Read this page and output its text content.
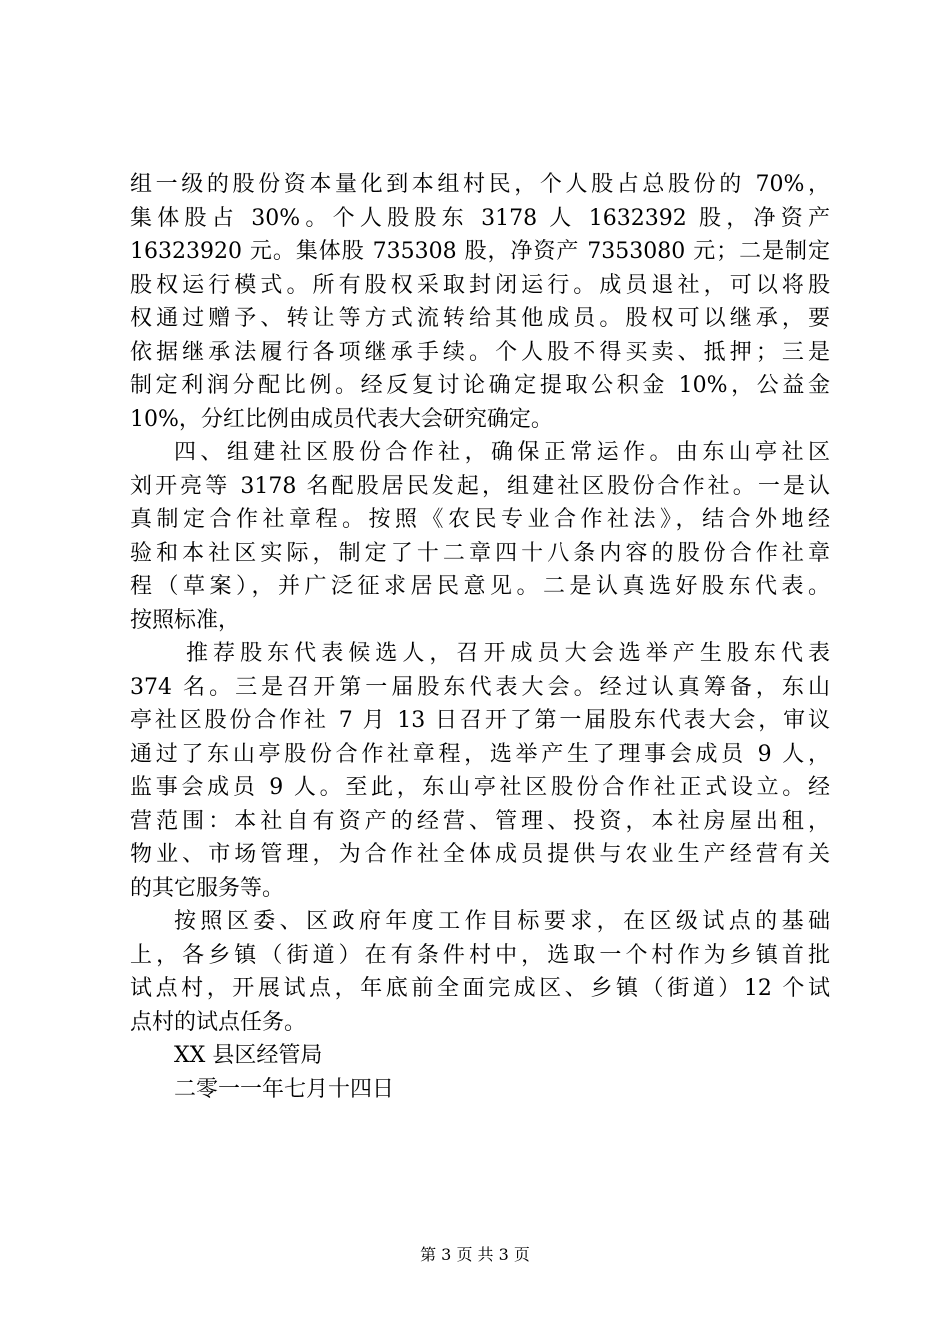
组一级的股份资本量化到本组村民，个人股占总股份的 70%，
集体股占 30%。个人股股东 3178 人 1632392 股，净资产
16323920 元。集体股 735308 股，净资产 7353080 元；二是制定
股权运行模式。所有股权采取封闭运行。成员退社，可以将股
权通过赠予、转让等方式流转给其他成员。股权可以继承，要
依据继承法履行各项继承手续。个人股不得买卖、抵押；三是
制定利润分配比例。经反复讨论确定提取公积金 10%，公益金
10%，分红比例由成员代表大会研究确定。
四、组建社区股份合作社，确保正常运作。由东山亭社区
刘开亮等 3178 名配股居民发起，组建社区股份合作社。一是认
真制定合作社章程。按照《农民专业合作社法》，结合外地经
验和本社区实际，制定了十二章四十八条内容的股份合作社章
程（草案），并广泛征求居民意见。二是认真选好股东代表。
按照标准，
推荐股东代表候选人，召开成员大会选举产生股东代表
374 名。三是召开第一届股东代表大会。经过认真筹备，东山
亭社区股份合作社 7 月 13 日召开了第一届股东代表大会，审议
通过了东山亭股份合作社章程，选举产生了理事会成员 9 人，
监事会成员 9 人。至此，东山亭社区股份合作社正式设立。经
营范围：本社自有资产的经营、管理、投资，本社房屋出租，
物业、市场管理，为合作社全体成员提供与农业生产经营有关
的其它服务等。
按照区委、区政府年度工作目标要求，在区级试点的基础
上，各乡镇（街道）在有条件村中，选取一个村作为乡镇首批
试点村，开展试点，年底前全面完成区、乡镇（街道）12 个试
点村的试点任务。
XX 县区经管局
二零一一年七月十四日
第 3 页 共 3 页
